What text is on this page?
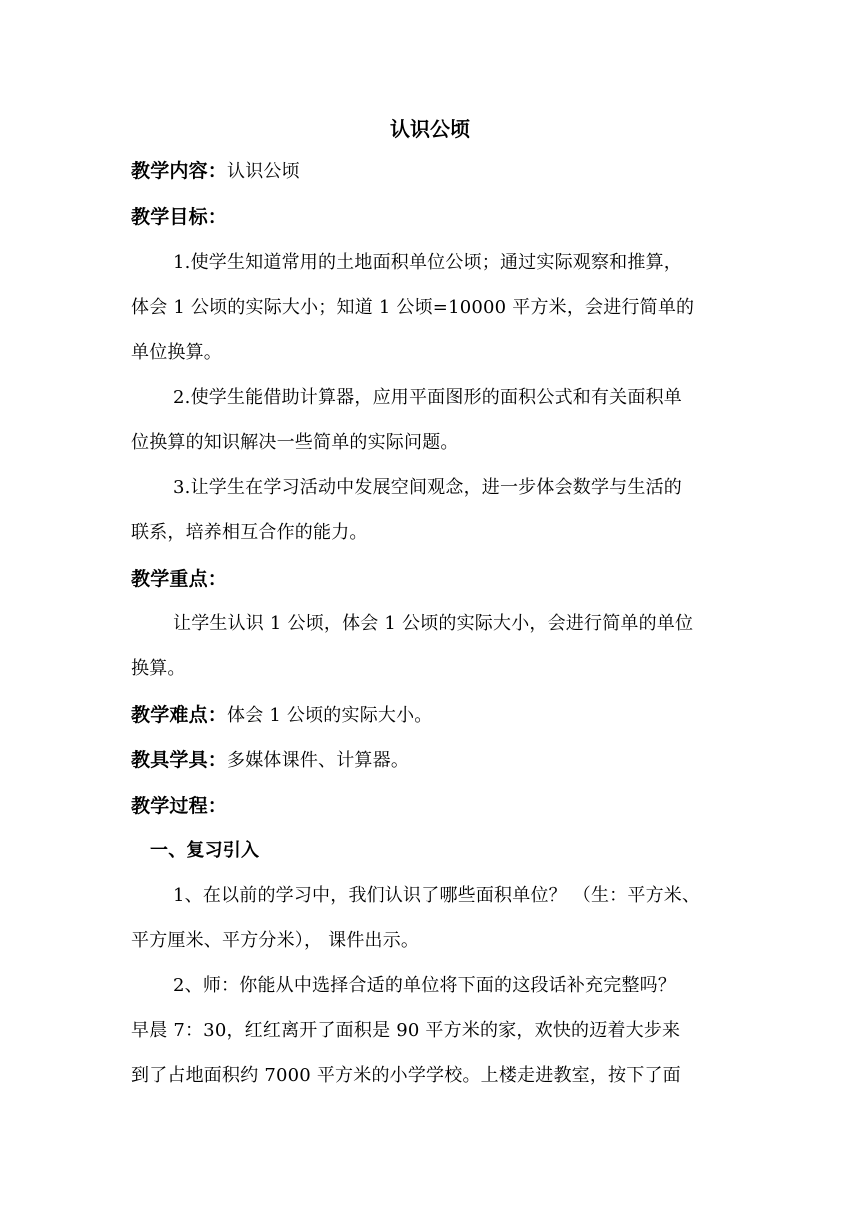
认识公顷
教学内容：认识公顷
教学目标：
1.使学生知道常用的土地面积单位公顷；通过实际观察和推算，
体会 1 公顷的实际大小；知道 1 公顷=10000 平方米，会进行简单的
单位换算。
2.使学生能借助计算器，应用平面图形的面积公式和有关面积单
位换算的知识解决一些简单的实际问题。
3.让学生在学习活动中发展空间观念，进一步体会数学与生活的
联系，培养相互合作的能力。
教学重点：
让学生认识 1 公顷，体会 1 公顷的实际大小，会进行简单的单位
换算。
教学难点：体会 1 公顷的实际大小。
教具学具：多媒体课件、计算器。
教学过程：
一、复习引入
1、在以前的学习中，我们认识了哪些面积单位？ （生：平方米、
平方厘米、平方分米）， 课件出示。
2、师：你能从中选择合适的单位将下面的这段话补充完整吗？
早晨 7：30，红红离开了面积是 90 平方米的家，欢快的迈着大步来
到了占地面积约 7000 平方米的小学学校。上楼走进教室，按下了面
